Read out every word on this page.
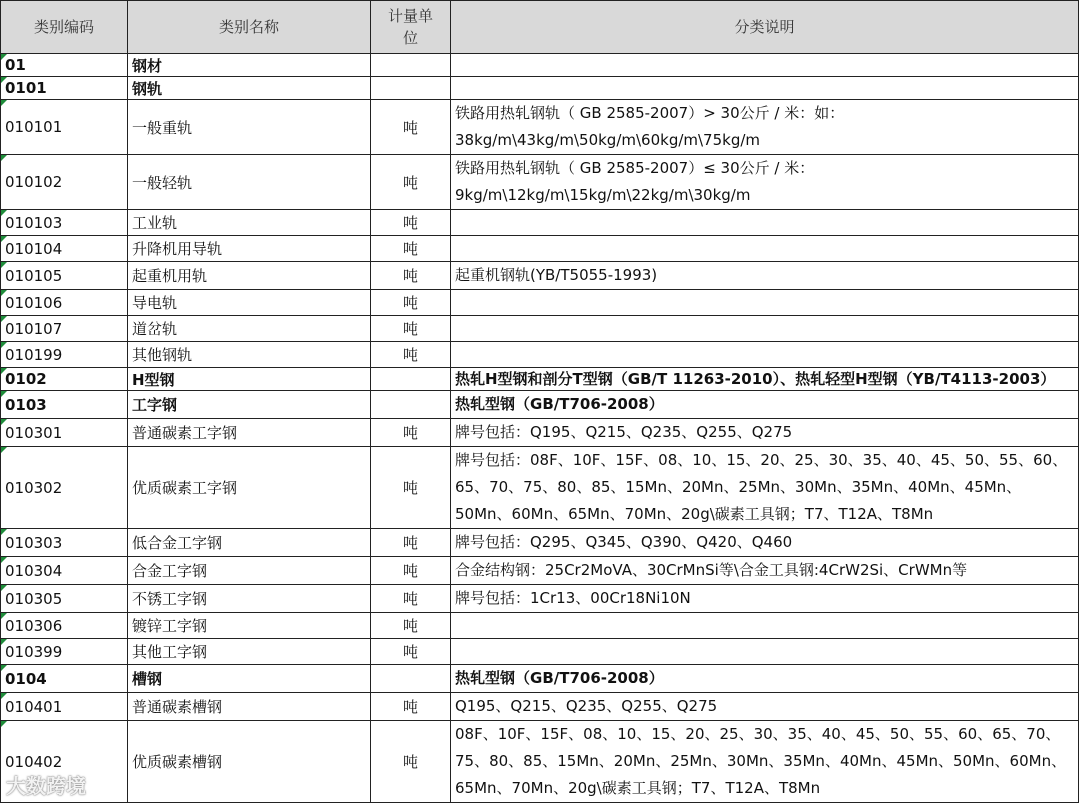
类别编码	类别名称	计量单位	分类说明
01	钢材		
0101	钢轨		
010101	一般重轨	吨	铁路用热轧钢轨（ GB 2585-2007）> 30公斤 / 米：如：38kg/m\43kg/m\50kg/m\60kg/m\75kg/m
010102	一般轻轨	吨	铁路用热轧钢轨（ GB 2585-2007）≤ 30公斤 / 米：9kg/m\12kg/m\15kg/m\22kg/m\30kg/m
010103	工业轨	吨	
010104	升降机用导轨	吨	
010105	起重机用轨	吨	起重机钢轨(YB/T5055-1993)
010106	导电轨	吨	
010107	道岔轨	吨	
010199	其他钢轨	吨	
0102	H型钢		热轧H型钢和剖分T型钢（GB/T 11263-2010）、热轧轻型H型钢（YB/T4113-2003）
0103	工字钢		热轧型钢（GB/T706-2008）
010301	普通碳素工字钢	吨	牌号包括：Q195、Q215、Q235、Q255、Q275
010302	优质碳素工字钢	吨	牌号包括：08F、10F、15F、08、10、15、20、25、30、35、40、45、50、55、60、65、70、75、80、85、15Mn、20Mn、25Mn、30Mn、35Mn、40Mn、45Mn、50Mn、60Mn、65Mn、70Mn、20g\碳素工具钢；T7、T12A、T8Mn
010303	低合金工字钢	吨	牌号包括：Q295、Q345、Q390、Q420、Q460
010304	合金工字钢	吨	合金结构钢：25Cr2MoVA、30CrMnSi等\合金工具钢:4CrW2Si、CrWMn等
010305	不锈工字钢	吨	牌号包括：1Cr13、00Cr18Ni10N
010306	镀锌工字钢	吨	
010399	其他工字钢	吨	
0104	槽钢		热轧型钢（GB/T706-2008）
010401	普通碳素槽钢	吨	Q195、Q215、Q235、Q255、Q275
010402	优质碳素槽钢	吨	08F、10F、15F、08、10、15、20、25、30、35、40、45、50、55、60、65、70、75、80、85、15Mn、20Mn、25Mn、30Mn、35Mn、40Mn、45Mn、50Mn、60Mn、65Mn、70Mn、20g\碳素工具钢；T7、T12A、T8Mn
大数跨境
